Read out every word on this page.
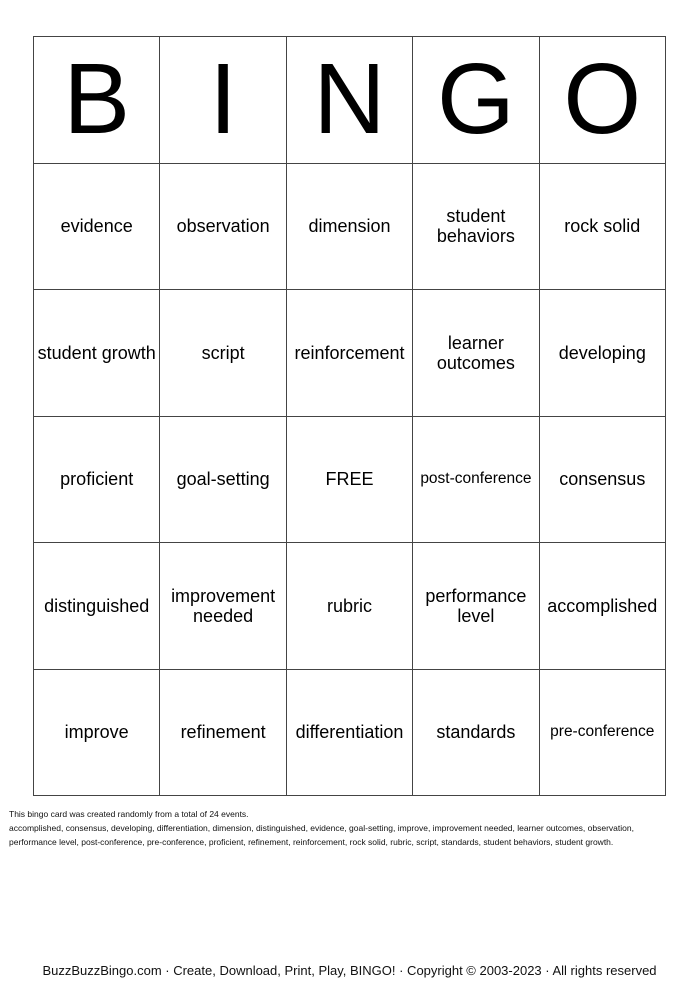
B I N G O
evidence	observation	dimension	student behaviors	rock solid
student growth	script	reinforcement	learner outcomes	developing
proficient	goal-setting	FREE	post-conference	consensus
distinguished	improvement needed	rubric	performance level	accomplished
improve	refinement	differentiation	standards	pre-conference

This bingo card was created randomly from a total of 24 events.

accomplished, consensus, developing, differentiation, dimension, distinguished, evidence, goal-setting, improve, improvement needed, learner outcomes, observation, performance level, post-conference, pre-conference, proficient, refinement, reinforcement, rock solid, rubric, script, standards, student behaviors, student growth.

BuzzBuzzBingo.com · Create, Download, Print, Play, BINGO! · Copyright © 2003-2023 · All rights reserved
